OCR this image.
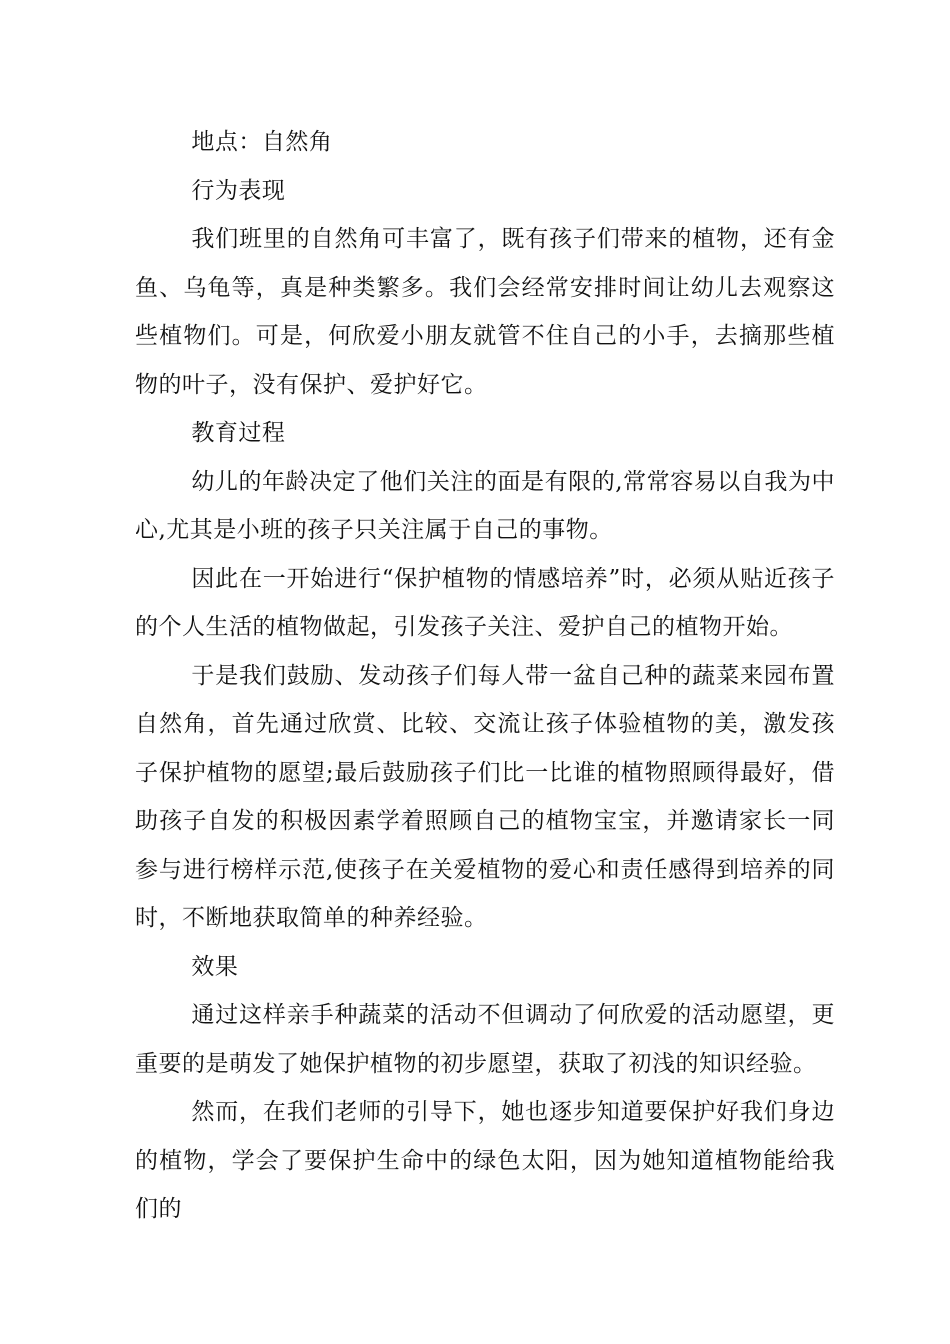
地点：自然角

行为表现

我们班里的自然角可丰富了，既有孩子们带来的植物，还有金鱼、乌龟等，真是种类繁多。我们会经常安排时间让幼儿去观察这些植物们。可是，何欣爱小朋友就管不住自己的小手，去摘那些植物的叶子，没有保护、爱护好它。

教育过程

幼儿的年龄决定了他们关注的面是有限的,常常容易以自我为中心,尤其是小班的孩子只关注属于自己的事物。

因此在一开始进行“保护植物的情感培养”时，必须从贴近孩子的个人生活的植物做起，引发孩子关注、爱护自己的植物开始。

于是我们鼓励、发动孩子们每人带一盆自己种的蔬菜来园布置自然角，首先通过欣赏、比较、交流让孩子体验植物的美，激发孩子保护植物的愿望;最后鼓励孩子们比一比谁的植物照顾得最好，借助孩子自发的积极因素学着照顾自己的植物宝宝，并邀请家长一同参与进行榜样示范,使孩子在关爱植物的爱心和责任感得到培养的同时，不断地获取简单的种养经验。

效果

通过这样亲手种蔬菜的活动不但调动了何欣爱的活动愿望，更重要的是萌发了她保护植物的初步愿望，获取了初浅的知识经验。

然而，在我们老师的引导下，她也逐步知道要保护好我们身边的植物，学会了要保护生命中的绿色太阳，因为她知道植物能给我们的
